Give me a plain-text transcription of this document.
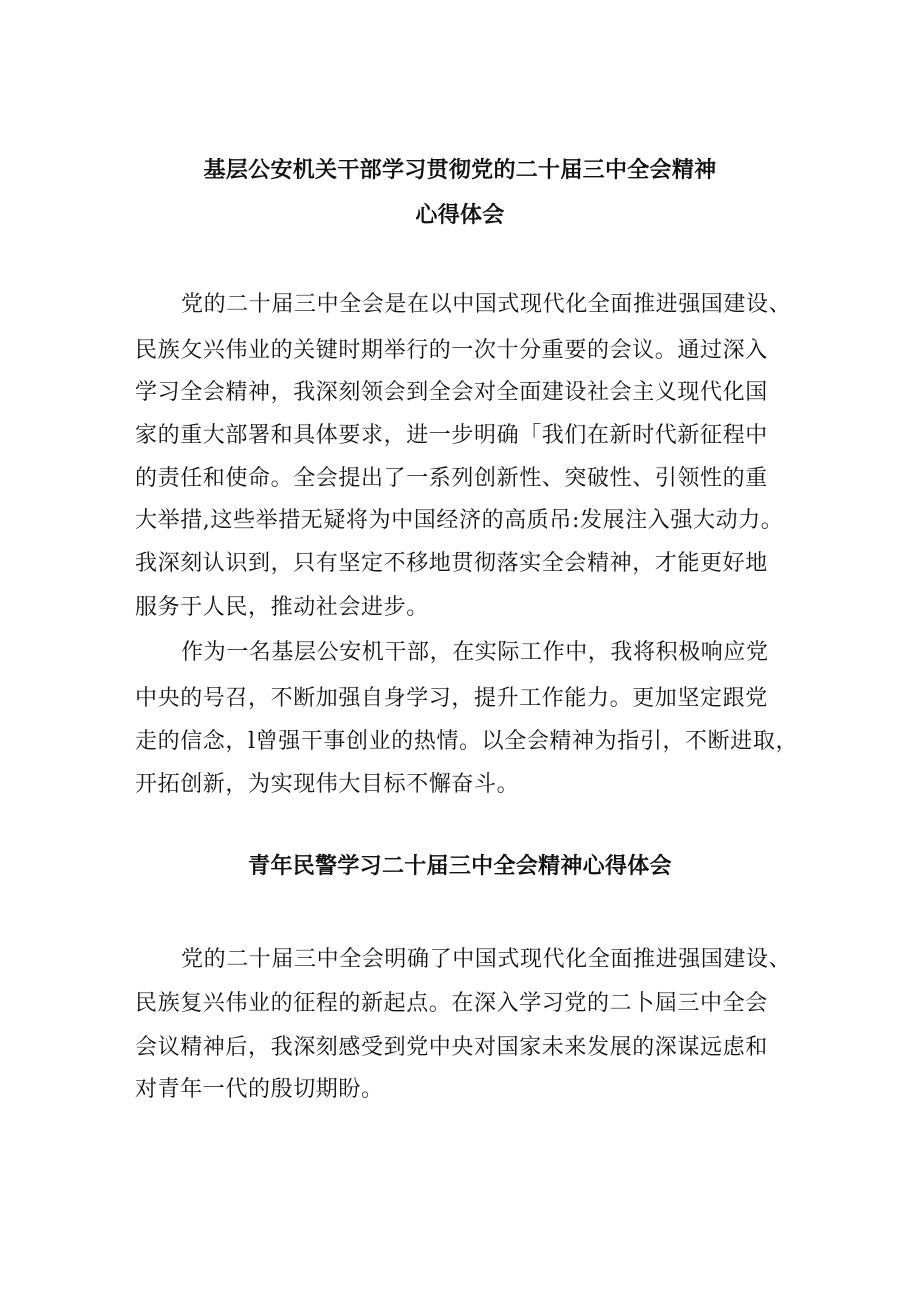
基层公安机关干部学习贯彻党的二十届三中全会精神
心得体会
党的二十届三中全会是在以中国式现代化全面推进强国建设、
民族攵兴伟业的关键时期举行的一次十分重要的会议。通过深入
学习全会精神，我深刻领会到全会对全面建设社会主义现代化国
家的重大部署和具体要求，进一步明确「我们在新时代新征程中
的责任和使命。全会提出了一系列创新性、突破性、引领性的重
大举措,这些举措无疑将为中国经济的高质吊:发展注入强大动力。
我深刻认识到，只有坚定不移地贯彻落实全会精神，才能更好地
服务于人民，推动社会进步。
作为一名基层公安机干部，在实际工作中，我将积极响应党
中央的号召，不断加强自身学习，提升工作能力。更加坚定跟党
走的信念，l曾强干事创业的热情。以全会精神为指引，不断进取，
开拓创新，为实现伟大目标不懈奋斗。
青年民警学习二十届三中全会精神心得体会
党的二十届三中全会明确了中国式现代化全面推进强国建设、
民族复兴伟业的征程的新起点。在深入学习党的二卜屆三中全会
会议精神后，我深刻感受到党中央对国家未来发展的深谋远虑和
对青年一代的殷切期盼。
